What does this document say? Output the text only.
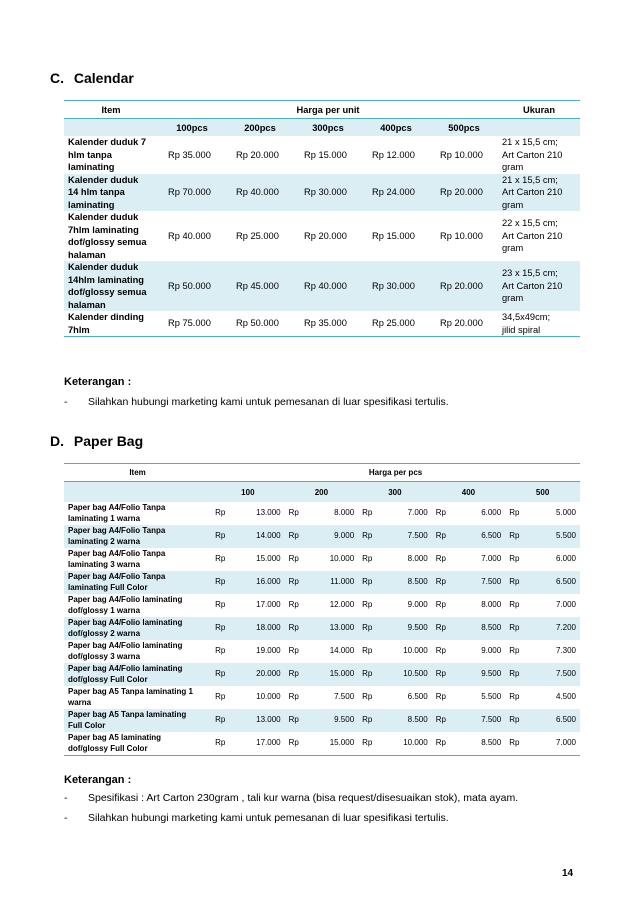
C. Calendar
Item	Harga per unit					Ukuran
	100pcs	200pcs	300pcs	400pcs	500pcs	
Kalender duduk 7
hlm tanpa
laminating	Rp 35.000	Rp 20.000	Rp 15.000	Rp 12.000	Rp 10.000	21 x 15,5 cm;
Art Carton 210
gram
Kalender duduk
14 hlm tanpa
laminating	Rp 70.000	Rp 40.000	Rp 30.000	Rp 24.000	Rp 20.000	21 x 15,5 cm;
Art Carton 210
gram
Kalender duduk
7hlm laminating
dof/glossy semua
halaman	Rp 40.000	Rp 25.000	Rp 20.000	Rp 15.000	Rp 10.000	22 x 15,5 cm;
Art Carton 210
gram
Kalender duduk
14hlm laminating
dof/glossy semua
halaman	Rp 50.000	Rp 45.000	Rp 40.000	Rp 30.000	Rp 20.000	23 x 15,5 cm;
Art Carton 210
gram
Kalender dinding
7hlm	Rp 75.000	Rp 50.000	Rp 35.000	Rp 25.000	Rp 20.000	34,5x49cm;
jilid spiral
Keterangan :
- Silahkan hubungi marketing kami untuk pemesanan di luar spesifikasi tertulis.
D. Paper Bag
Item	Harga per pcs									
	100		200		300		400		500	
Paper bag A4/Folio Tanpa
laminating 1 warna	Rp	13.000	Rp	8.000	Rp	7.000	Rp	6.000	Rp	5.000
Paper bag A4/Folio Tanpa
laminating 2 warna	Rp	14.000	Rp	9.000	Rp	7.500	Rp	6.500	Rp	5.500
Paper bag A4/Folio Tanpa
laminating 3 warna	Rp	15.000	Rp	10.000	Rp	8.000	Rp	7.000	Rp	6.000
Paper bag A4/Folio Tanpa
laminating Full Color	Rp	16.000	Rp	11.000	Rp	8.500	Rp	7.500	Rp	6.500
Paper bag A4/Folio laminating
dof/glossy 1 warna	Rp	17.000	Rp	12.000	Rp	9.000	Rp	8.000	Rp	7.000
Paper bag A4/Folio laminating
dof/glossy 2 warna	Rp	18.000	Rp	13.000	Rp	9.500	Rp	8.500	Rp	7.200
Paper bag A4/Folio laminating
dof/glossy 3 warna	Rp	19.000	Rp	14.000	Rp	10.000	Rp	9.000	Rp	7.300
Paper bag A4/Folio laminating
dof/glossy Full Color	Rp	20.000	Rp	15.000	Rp	10.500	Rp	9.500	Rp	7.500
Paper bag A5 Tanpa laminating 1
warna	Rp	10.000	Rp	7.500	Rp	6.500	Rp	5.500	Rp	4.500
Paper bag A5 Tanpa laminating
Full Color	Rp	13.000	Rp	9.500	Rp	8.500	Rp	7.500	Rp	6.500
Paper bag A5 laminating
dof/glossy Full Color	Rp	17.000	Rp	15.000	Rp	10.000	Rp	8.500	Rp	7.000
Keterangan :
- Spesifikasi : Art Carton 230gram , tali kur warna (bisa request/disesuaikan stok), mata ayam.
- Silahkan hubungi marketing kami untuk pemesanan di luar spesifikasi tertulis.
14
